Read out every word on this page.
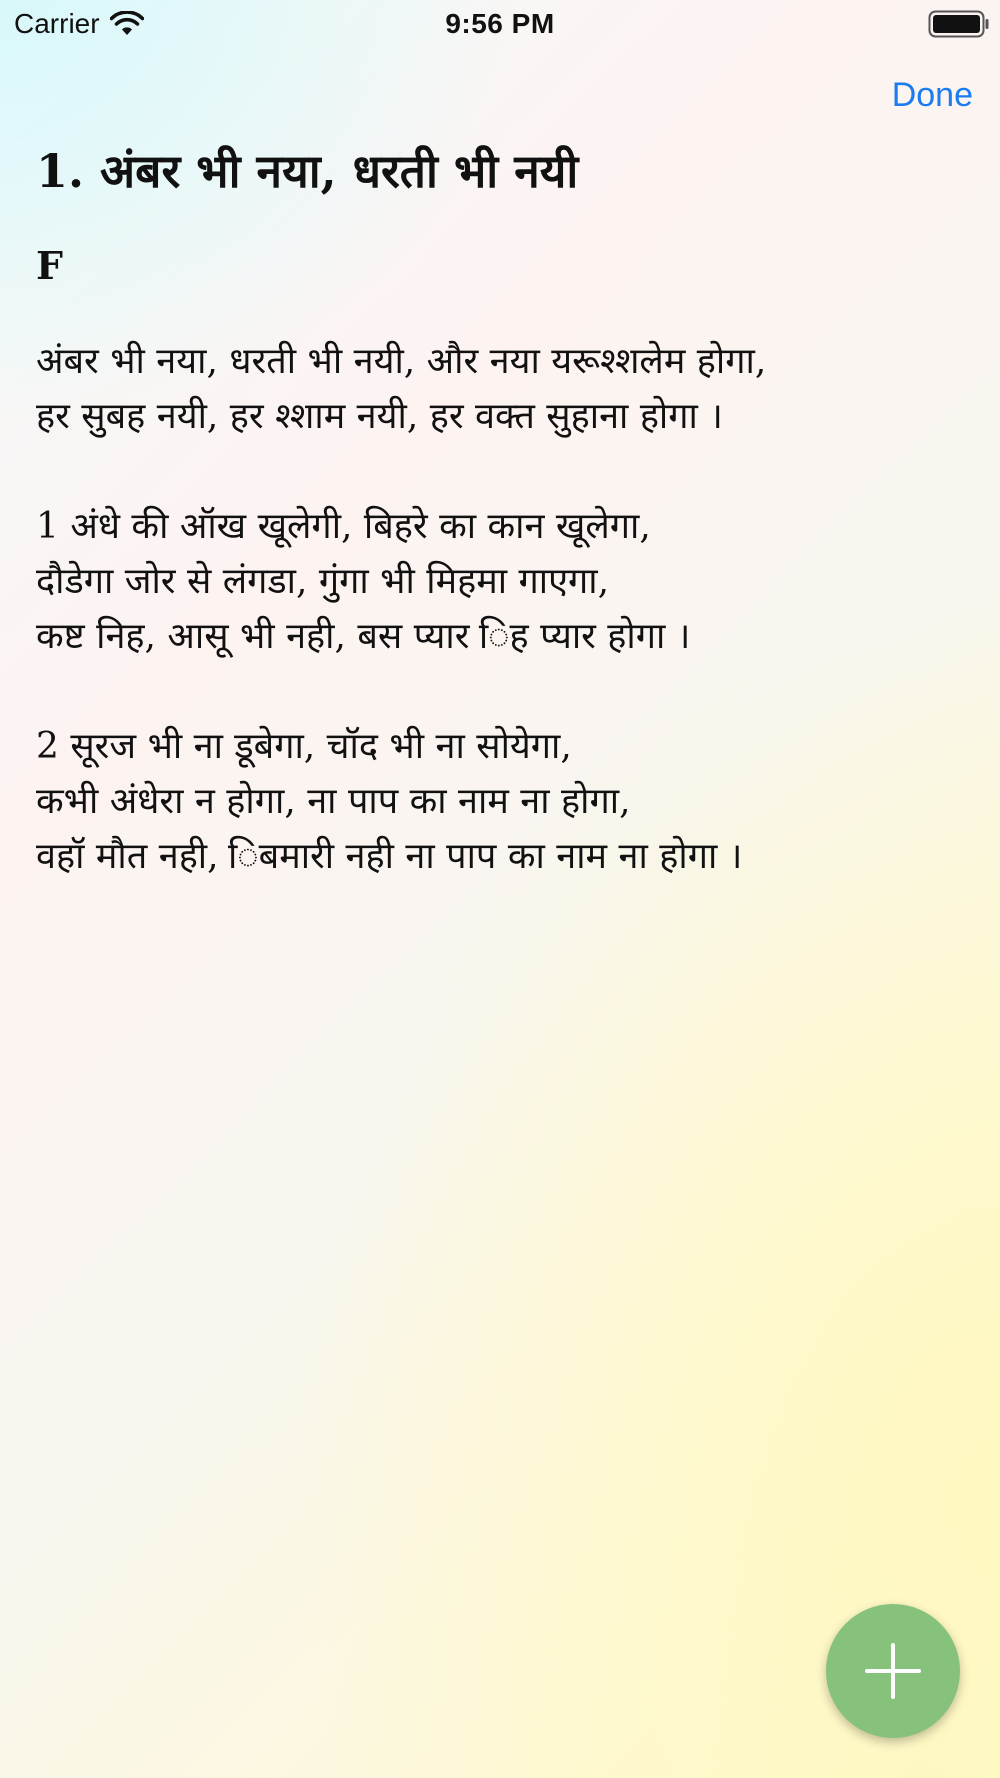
Carrier	9:56 PM
Done
1. अंबर भी नया, धरती भी नयी
F
अंबर भी नया, धरती भी नयी, और नया यरूश्शलेम होगा,
हर सुबह नयी, हर श्शाम नयी, हर वक्त सुहाना होगा ।
1 अंधे की ऑख खूलेगी, बिहरे का कान खूलेगा,
दौडेगा जोर से लंगडा, गुंगा भी मिहमा गाएगा,
कष्ट निह, आसू भी नही, बस प्यार िह प्यार होगा ।
2 सूरज भी ना डूबेगा, चॉद भी ना सोयेगा,
कभी अंधेरा न होगा, ना पाप का नाम ना होगा,
वहॉ मौत नही, िबमारी नही ना पाप का नाम ना होगा ।
